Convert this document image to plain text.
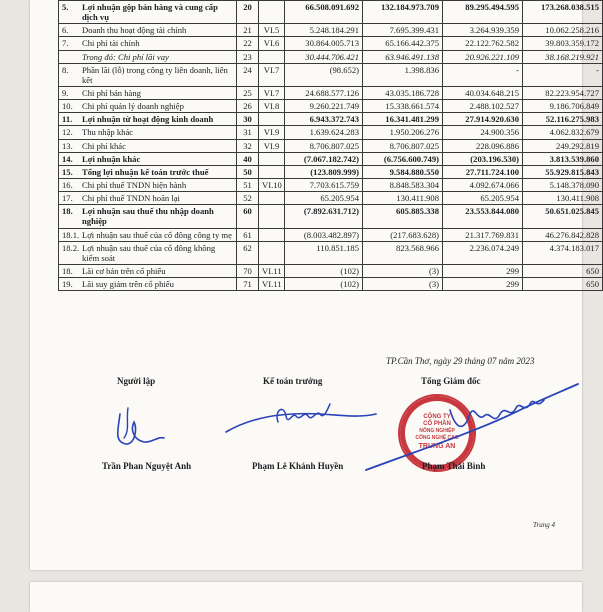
5. Lợi nhuận gộp bán hàng và cung cấp dịch vụ	20		66.508.091.692	132.184.973.709	89.295.494.595	173.268.038.515

6. Doanh thu hoạt động tài chính	21	VI.5	5.248.184.291	7.695.399.431	3.264.939.359	10.062.258.216

7. Chi phí tài chính	22	VI.6	30.864.005.713	65.166.442.375	22.122.762.582	39.803.359.172

Trong đó: Chi phí lãi vay	23		30.444.706.421	63.946.491.138	20.926.221.109	38.168.219.921

8. Phần lãi (lỗ) trong công ty liên doanh, liên kết	24	VI.7	(98.652)	1.398.836	-	-

9. Chi phí bán hàng	25	VI.7	24.688.577.126	43.035.186.728	40.034.648.215	82.223.954.727

10. Chi phí quản lý doanh nghiệp	26	VI.8	9.260.221.749	15.338.661.574	2.488.102.527	9.186.706.849

11. Lợi nhuận từ hoạt động kinh doanh	30		6.943.372.743	16.341.481.299	27.914.920.630	52.116.275.983

12. Thu nhập khác	31	VI.9	1.639.624.283	1.950.206.276	24.900.356	4.062.832.679

13. Chi phí khác	32	VI.9	8.706.807.025	8.706.807.025	228.096.886	249.292.819

14. Lợi nhuận khác	40		(7.067.182.742)	(6.756.600.749)	(203.196.530)	3.813.539.860

15. Tổng lợi nhuận kế toán trước thuế	50		(123.809.999)	9.584.880.550	27.711.724.100	55.929.815.843

16. Chi phí thuế TNDN hiện hành	51	VI.10	7.703.615.759	8.848.583.304	4.092.674.066	5.148.378.090

17. Chi phí thuế TNDN hoãn lại	52		65.205.954	130.411.908	65.205.954	130.411.908

18. Lợi nhuận sau thuế thu nhập doanh nghiệp	60		(7.892.631.712)	605.885.338	23.553.844.080	50.651.025.845

18.1. Lợi nhuận sau thuế của cổ đông công ty mẹ	61		(8.003.482.897)	(217.683.628)	21.317.769.831	46.276.842.828

18.2. Lợi nhuận sau thuế của cổ đông không kiểm soát	62		110.851.185	823.568.966	2.236.074.249	4.374.183.017

18. Lãi cơ bản trên cổ phiếu	70	VI.11	(102)	(3)	299	650

19. Lãi suy giảm trên cổ phiếu	71	VI.11	(102)	(3)	299	650
TP.Cần Thơ, ngày 29 tháng 07 năm 2023
Người lập	Kế toán trưởng	Tổng Giám đốc
CÔNG TY
CỔ PHẦN
NÔNG NGHIỆP
CÔNG NGHỆ CAO
TRUNG AN
Trần Phan Nguyệt Anh	Phạm Lê Khánh Huyền	Phạm Thái Bình
Trang 4
